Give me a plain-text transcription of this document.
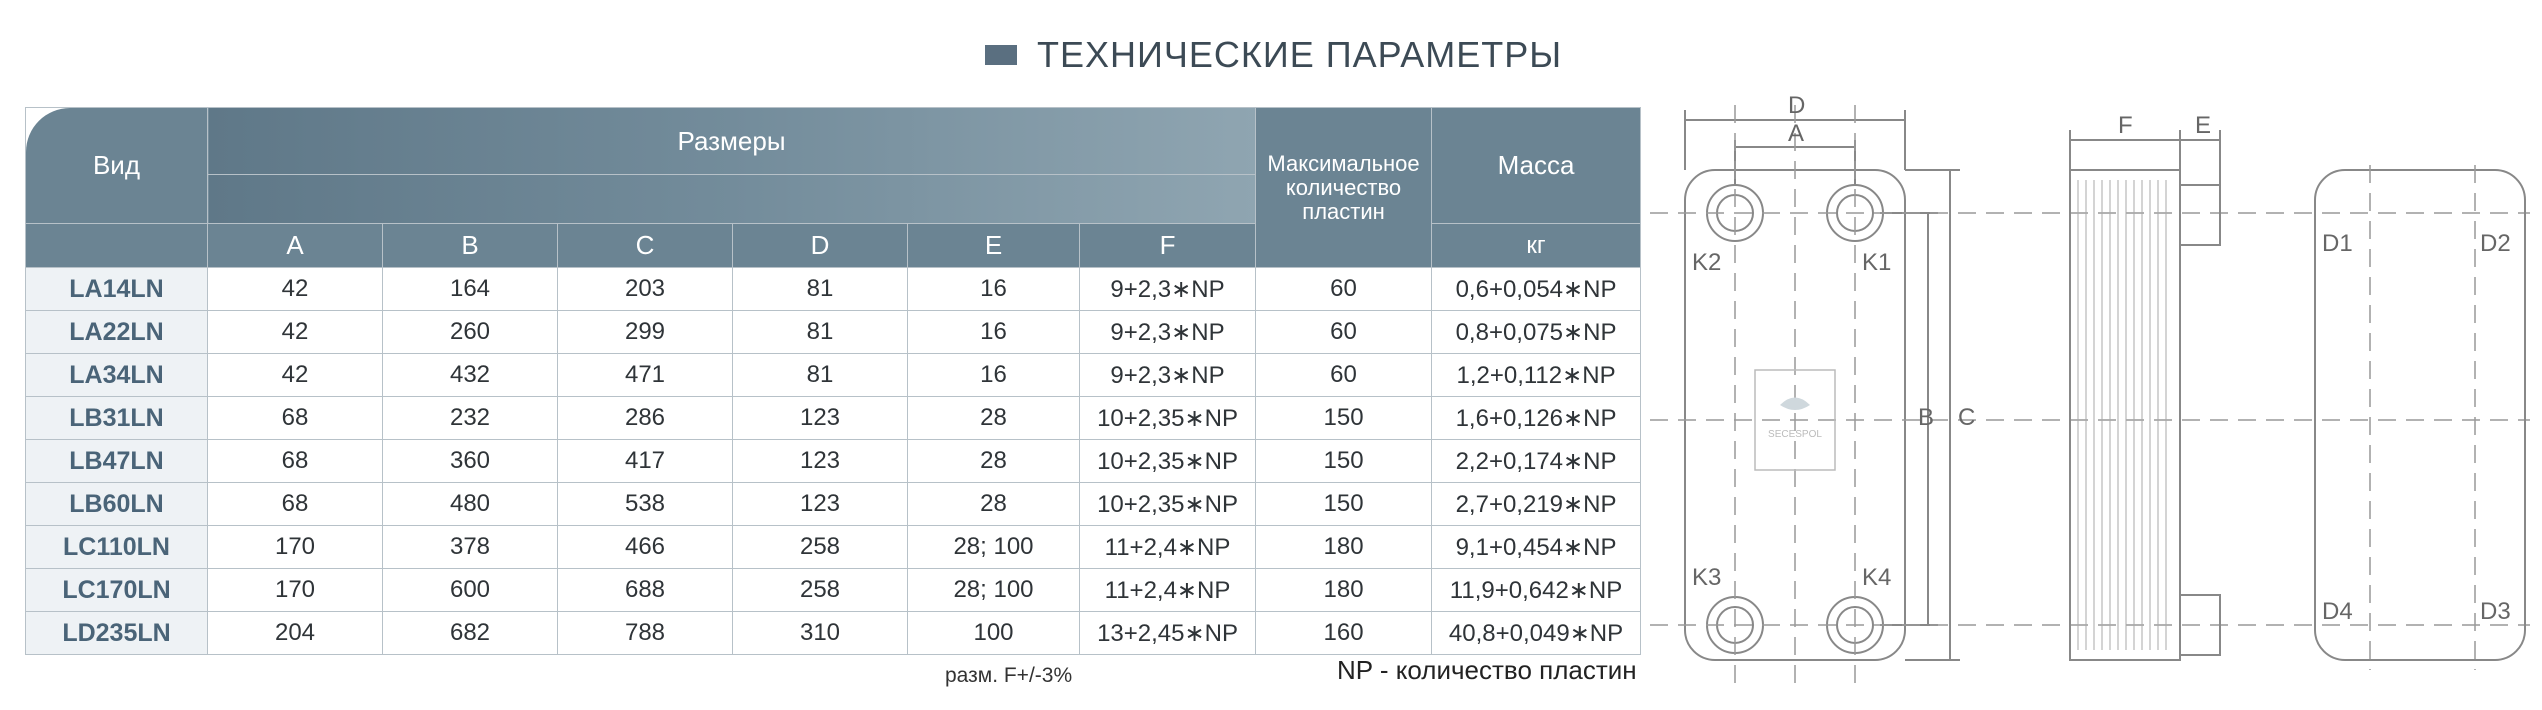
ТЕХНИЧЕСКИЕ ПАРАМЕТРЫ
Вид	Размеры						Максимальное количество пластин	Масса

	A	B	C	D	E	F		кг
LA14LN	42	164	203	81	16	9+2,3∗NP	60	0,6+0,054∗NP
LA22LN	42	260	299	81	16	9+2,3∗NP	60	0,8+0,075∗NP
LA34LN	42	432	471	81	16	9+2,3∗NP	60	1,2+0,112∗NP
LB31LN	68	232	286	123	28	10+2,35∗NP	150	1,6+0,126∗NP
LB47LN	68	360	417	123	28	10+2,35∗NP	150	2,2+0,174∗NP
LB60LN	68	480	538	123	28	10+2,35∗NP	150	2,7+0,219∗NP
LC110LN	170	378	466	258	28; 100	11+2,4∗NP	180	9,1+0,454∗NP
LC170LN	170	600	688	258	28; 100	11+2,4∗NP	180	11,9+0,642∗NP
LD235LN	204	682	788	310	100	13+2,45∗NP	160	40,8+0,049∗NP
разм. F+/-3%	NP - количество пластин
SECESPOL
D
A	F	E
B C
K2	K1
K3	K4
D1	D2
D4	D3
